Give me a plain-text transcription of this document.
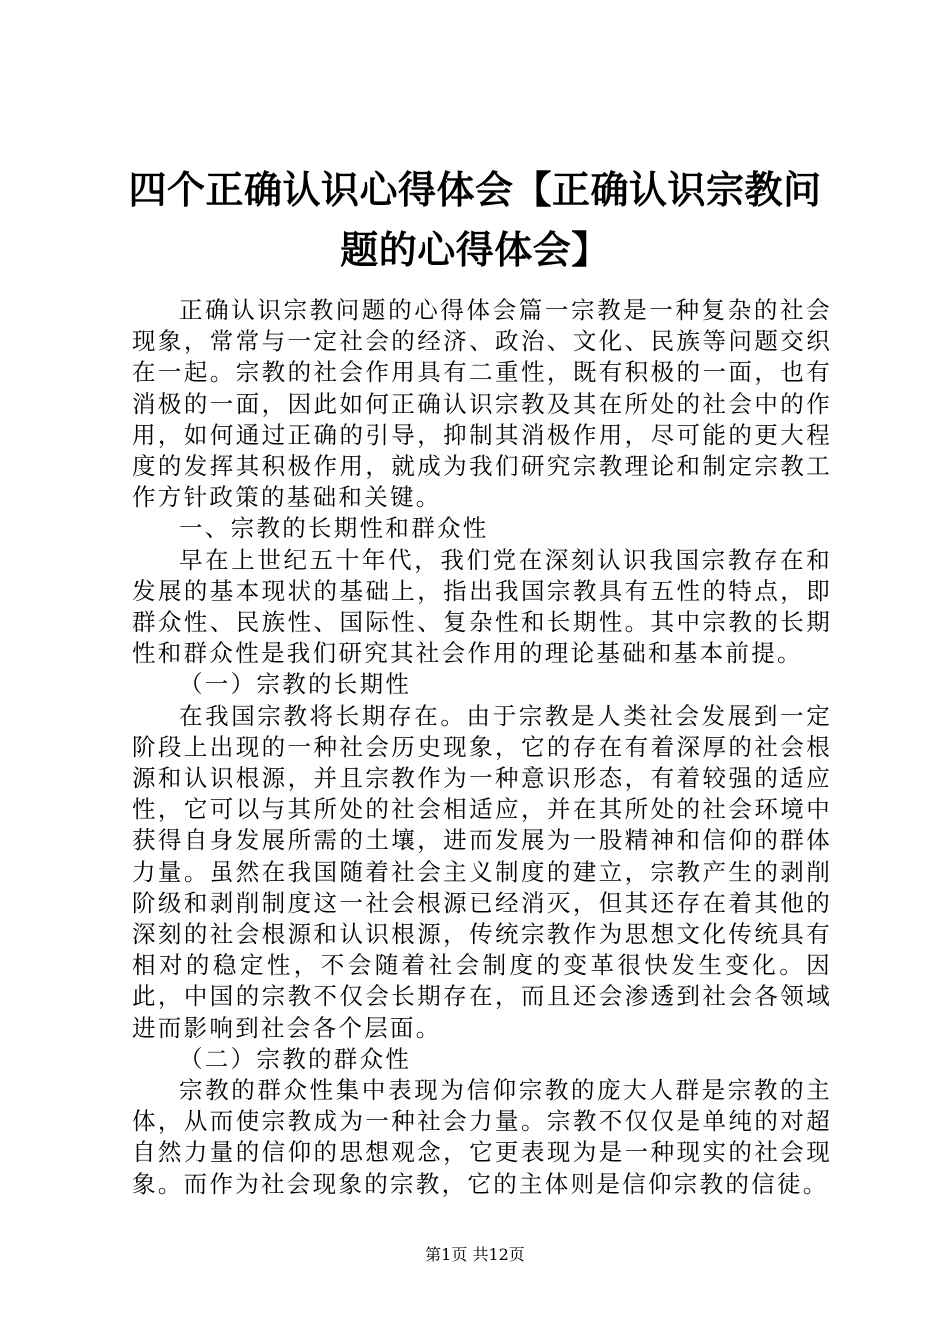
四个正确认识心得体会【正确认识宗教问题的心得体会】

正确认识宗教问题的心得体会篇一宗教是一种复杂的社会现象，常常与一定社会的经济、政治、文化、民族等问题交织在一起。宗教的社会作用具有二重性，既有积极的一面，也有消极的一面，因此如何正确认识宗教及其在所处的社会中的作用，如何通过正确的引导，抑制其消极作用，尽可能的更大程度的发挥其积极作用，就成为我们研究宗教理论和制定宗教工作方针政策的基础和关键。

一、宗教的长期性和群众性

早在上世纪五十年代，我们党在深刻认识我国宗教存在和发展的基本现状的基础上，指出我国宗教具有五性的特点，即群众性、民族性、国际性、复杂性和长期性。其中宗教的长期性和群众性是我们研究其社会作用的理论基础和基本前提。

（一）宗教的长期性

在我国宗教将长期存在。由于宗教是人类社会发展到一定阶段上出现的一种社会历史现象，它的存在有着深厚的社会根源和认识根源，并且宗教作为一种意识形态，有着较强的适应性，它可以与其所处的社会相适应，并在其所处的社会环境中获得自身发展所需的土壤，进而发展为一股精神和信仰的群体力量。虽然在我国随着社会主义制度的建立，宗教产生的剥削阶级和剥削制度这一社会根源已经消灭，但其还存在着其他的深刻的社会根源和认识根源，传统宗教作为思想文化传统具有相对的稳定性，不会随着社会制度的变革很快发生变化。因此，中国的宗教不仅会长期存在，而且还会渗透到社会各领域进而影响到社会各个层面。

（二）宗教的群众性

宗教的群众性集中表现为信仰宗教的庞大人群是宗教的主体，从而使宗教成为一种社会力量。宗教不仅仅是单纯的对超自然力量的信仰的思想观念，它更表现为是一种现实的社会现象。而作为社会现象的宗教，它的主体则是信仰宗教的信徒。

第1页 共12页
